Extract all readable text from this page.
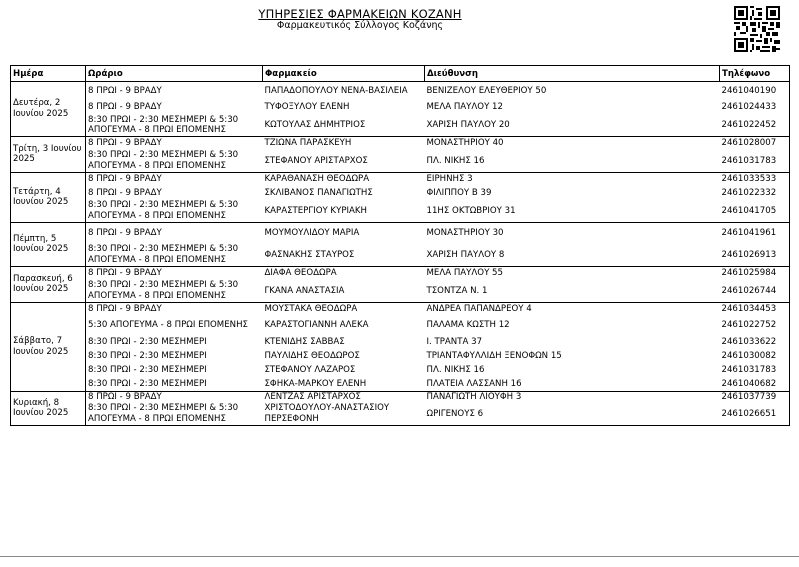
ΥΠΗΡΕΣΙΕΣ ΦΑΡΜΑΚΕΙΩΝ ΚΟΖΑΝΗ
Φαρμακευτικός Σύλλογος Κοζάνης
Ημέρα	Ωράριο	Φαρμακείο	Διεύθυνση	Τηλέφωνο
Δευτέρα, 2 Ιουνίου 2025	8 ΠΡΩΙ - 9 ΒΡΑΔΥ	ΠΑΠΑΔΟΠΟΥΛΟΥ ΝΕΝΑ-ΒΑΣΙΛΕΙΑ	ΒΕΝΙΖΕΛΟΥ ΕΛΕΥΘΕΡΙΟΥ 50	2461040190
	8 ΠΡΩΙ - 9 ΒΡΑΔΥ	ΤΥΦΟΞΥΛΟΥ ΕΛΕΝΗ	ΜΕΛΑ ΠΑΥΛΟΥ 12	2461024433
	8:30 ΠΡΩΙ - 2:30 ΜΕΣΗΜΕΡΙ & 5:30 ΑΠΟΓΕΥΜΑ - 8 ΠΡΩΙ ΕΠΟΜΕΝΗΣ	ΚΩΤΟΥΛΑΣ ΔΗΜΗΤΡΙΟΣ	ΧΑΡΙΣΗ ΠΑΥΛΟΥ 20	2461022452
Τρίτη, 3 Ιουνίου 2025	8 ΠΡΩΙ - 9 ΒΡΑΔΥ	ΤΖΙΩΝΑ ΠΑΡΑΣΚΕΥΗ	ΜΟΝΑΣΤΗΡΙΟΥ 40	2461028007
	8:30 ΠΡΩΙ - 2:30 ΜΕΣΗΜΕΡΙ & 5:30 ΑΠΟΓΕΥΜΑ - 8 ΠΡΩΙ ΕΠΟΜΕΝΗΣ	ΣΤΕΦΑΝΟΥ ΑΡΙΣΤΑΡΧΟΣ	ΠΛ. ΝΙΚΗΣ 16	2461031783
Τετάρτη, 4 Ιουνίου 2025	8 ΠΡΩΙ - 9 ΒΡΑΔΥ	ΚΑΡΑΘΑΝΑΣΗ ΘΕΟΔΩΡΑ	ΕΙΡΗΝΗΣ 3	2461033533
	8 ΠΡΩΙ - 9 ΒΡΑΔΥ	ΣΚΛΙΒΑΝΟΣ ΠΑΝΑΓΙΩΤΗΣ	ΦΙΛΙΠΠΟΥ Β 39	2461022332
	8:30 ΠΡΩΙ - 2:30 ΜΕΣΗΜΕΡΙ & 5:30 ΑΠΟΓΕΥΜΑ - 8 ΠΡΩΙ ΕΠΟΜΕΝΗΣ	ΚΑΡΑΣΤΕΡΓΙΟΥ ΚΥΡΙΑΚΗ	11ΗΣ ΟΚΤΩΒΡΙΟΥ 31	2461041705
Πέμπτη, 5 Ιουνίου 2025	8 ΠΡΩΙ - 9 ΒΡΑΔΥ	ΜΟΥΜΟΥΛΙΔΟΥ ΜΑΡΙΑ	ΜΟΝΑΣΤΗΡΙΟΥ 30	2461041961
	8:30 ΠΡΩΙ - 2:30 ΜΕΣΗΜΕΡΙ & 5:30 ΑΠΟΓΕΥΜΑ - 8 ΠΡΩΙ ΕΠΟΜΕΝΗΣ	ΦΑΣΝΑΚΗΣ ΣΤΑΥΡΟΣ	ΧΑΡΙΣΗ ΠΑΥΛΟΥ 8	2461026913
Παρασκευή, 6 Ιουνίου 2025	8 ΠΡΩΙ - 9 ΒΡΑΔΥ	ΔΙΑΦΑ ΘΕΟΔΩΡΑ	ΜΕΛΑ ΠΑΥΛΟΥ 55	2461025984
	8:30 ΠΡΩΙ - 2:30 ΜΕΣΗΜΕΡΙ & 5:30 ΑΠΟΓΕΥΜΑ - 8 ΠΡΩΙ ΕΠΟΜΕΝΗΣ	ΓΚΑΝΑ ΑΝΑΣΤΑΣΙΑ	ΤΣΟΝΤΖΑ Ν. 1	2461026744
Σάββατο, 7 Ιουνίου 2025	8 ΠΡΩΙ - 9 ΒΡΑΔΥ	ΜΟΥΣΤΑΚΑ ΘΕΟΔΩΡΑ	ΑΝΔΡΕΑ ΠΑΠΑΝΔΡΕΟΥ 4	2461034453
	5:30 ΑΠΟΓΕΥΜΑ - 8 ΠΡΩΙ ΕΠΟΜΕΝΗΣ	ΚΑΡΑΣΤΟΓΙΑΝΝΗ ΑΛΕΚΑ	ΠΑΛΑΜΑ ΚΩΣΤΗ 12	2461022752
	8:30 ΠΡΩΙ - 2:30 ΜΕΣΗΜΕΡΙ	ΚΤΕΝΙΔΗΣ ΣΑΒΒΑΣ	Ι. ΤΡΑΝΤΑ 37	2461033622
	8:30 ΠΡΩΙ - 2:30 ΜΕΣΗΜΕΡΙ	ΠΑΥΛΙΔΗΣ ΘΕΟΔΩΡΟΣ	ΤΡΙΑΝΤΑΦΥΛΛΙΔΗ ΞΕΝΟΦΩΝ 15	2461030082
	8:30 ΠΡΩΙ - 2:30 ΜΕΣΗΜΕΡΙ	ΣΤΕΦΑΝΟΥ ΛΑΖΑΡΟΣ	ΠΛ. ΝΙΚΗΣ 16	2461031783
	8:30 ΠΡΩΙ - 2:30 ΜΕΣΗΜΕΡΙ	ΣΦΗΚΑ-ΜΑΡΚΟΥ ΕΛΕΝΗ	ΠΛΑΤΕΙΑ ΛΑΣΣΑΝΗ 16	2461040682
Κυριακή, 8 Ιουνίου 2025	8 ΠΡΩΙ - 9 ΒΡΑΔΥ	ΛΕΝΤΖΑΣ ΑΡΙΣΤΑΡΧΟΣ	ΠΑΝΑΓΙΩΤΗ ΛΙΟΥΦΗ 3	2461037739
	8:30 ΠΡΩΙ - 2:30 ΜΕΣΗΜΕΡΙ & 5:30 ΑΠΟΓΕΥΜΑ - 8 ΠΡΩΙ ΕΠΟΜΕΝΗΣ	ΧΡΙΣΤΟΔΟΥΛΟΥ-ΑΝΑΣΤΑΣΙΟΥ ΠΕΡΣΕΦΟΝΗ	ΩΡΙΓΕΝΟΥΣ 6	2461026651
